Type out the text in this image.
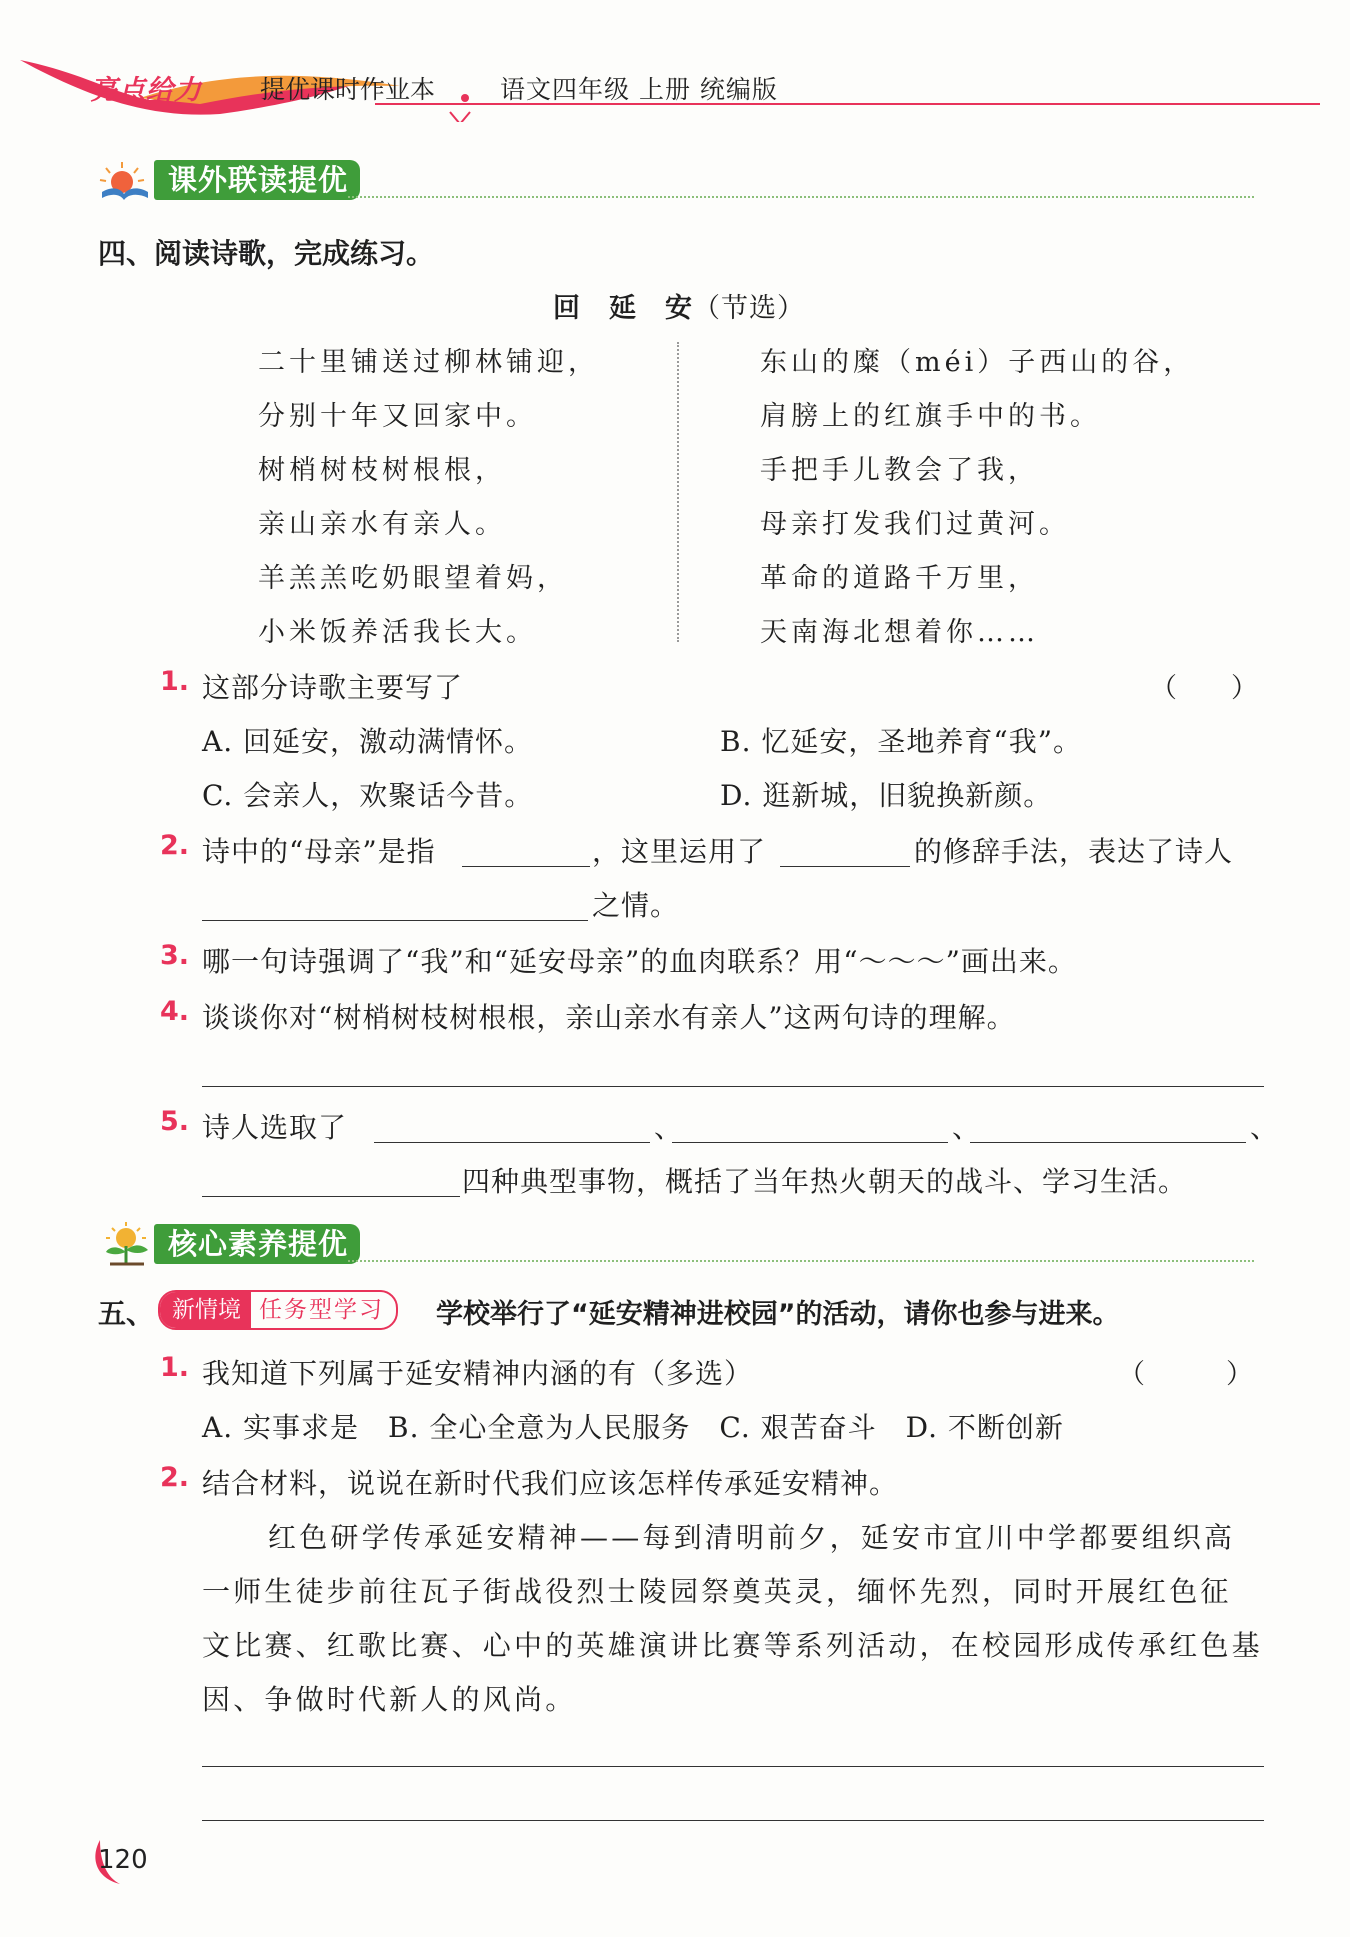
亮点给力 提优课时作业本	语文四年级 上册 统编版
课外联读提优
四、阅读诗歌，完成练习。
回　延　安（节选）
二十里铺送过柳林铺迎，
分别十年又回家中。
树梢树枝树根根，
亲山亲水有亲人。
羊羔羔吃奶眼望着妈，
小米饭养活我长大。
东山的糜（méi）子西山的谷，
肩膀上的红旗手中的书。
手把手儿教会了我，
母亲打发我们过黄河。
革命的道路千万里，
天南海北想着你……
1. 这部分诗歌主要写了	（　　）
A. 回延安，激动满情怀。	B. 忆延安，圣地养育“我”。
C. 会亲人，欢聚话今昔。	D. 逛新城，旧貌换新颜。
2. 诗中的“母亲”是指	，这里运用了	的修辞手法，表达了诗人
之情。
3. 哪一句诗强调了“我”和“延安母亲”的血肉联系？用“～～～”画出来。
4. 谈谈你对“树梢树枝树根根，亲山亲水有亲人”这两句诗的理解。
5. 诗人选取了	、	、	、
四种典型事物，概括了当年热火朝天的战斗、学习生活。
核心素养提优
五、 新情境 任务型学习	学校举行了“延安精神进校园”的活动，请你也参与进来。
1. 我知道下列属于延安精神内涵的有（多选）	（　　　）
A. 实事求是　B. 全心全意为人民服务　C. 艰苦奋斗　D. 不断创新
2. 结合材料，说说在新时代我们应该怎样传承延安精神。
红色研学传承延安精神——每到清明前夕，延安市宜川中学都要组织高
一师生徒步前往瓦子街战役烈士陵园祭奠英灵，缅怀先烈，同时开展红色征
文比赛、红歌比赛、心中的英雄演讲比赛等系列活动，在校园形成传承红色基
因、争做时代新人的风尚。
120
